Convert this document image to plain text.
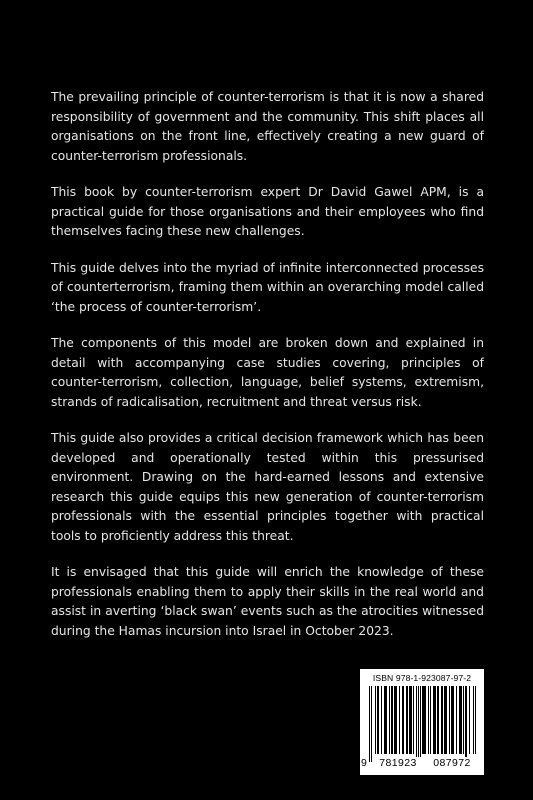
The prevailing principle of counter-terrorism is that it is now a shared responsibility of government and the community. This shift places all organisations on the front line, effectively creating a new guard of counter-terrorism professionals.

This book by counter-terrorism expert Dr David Gawel APM, is a practical guide for those organisations and their employees who find themselves facing these new challenges.

This guide delves into the myriad of infinite interconnected processes of counterterrorism, framing them within an overarching model called ‘the process of counter-terrorism’.

The components of this model are broken down and explained in detail with accompanying case studies covering, principles of counter-terrorism, collection, language, belief systems, extremism, strands of radicalisation, recruitment and threat versus risk.

This guide also provides a critical decision framework which has been developed and operationally tested within this pressurised environment. Drawing on the hard-earned lessons and extensive research this guide equips this new generation of counter-terrorism professionals with the essential principles together with practical tools to proficiently address this threat.

It is envisaged that this guide will enrich the knowledge of these professionals enabling them to apply their skills in the real world and assist in averting ‘black swan’ events such as the atrocities witnessed during the Hamas incursion into Israel in October 2023.

ISBN 978-1-923087-97-2
9	781923	087972
